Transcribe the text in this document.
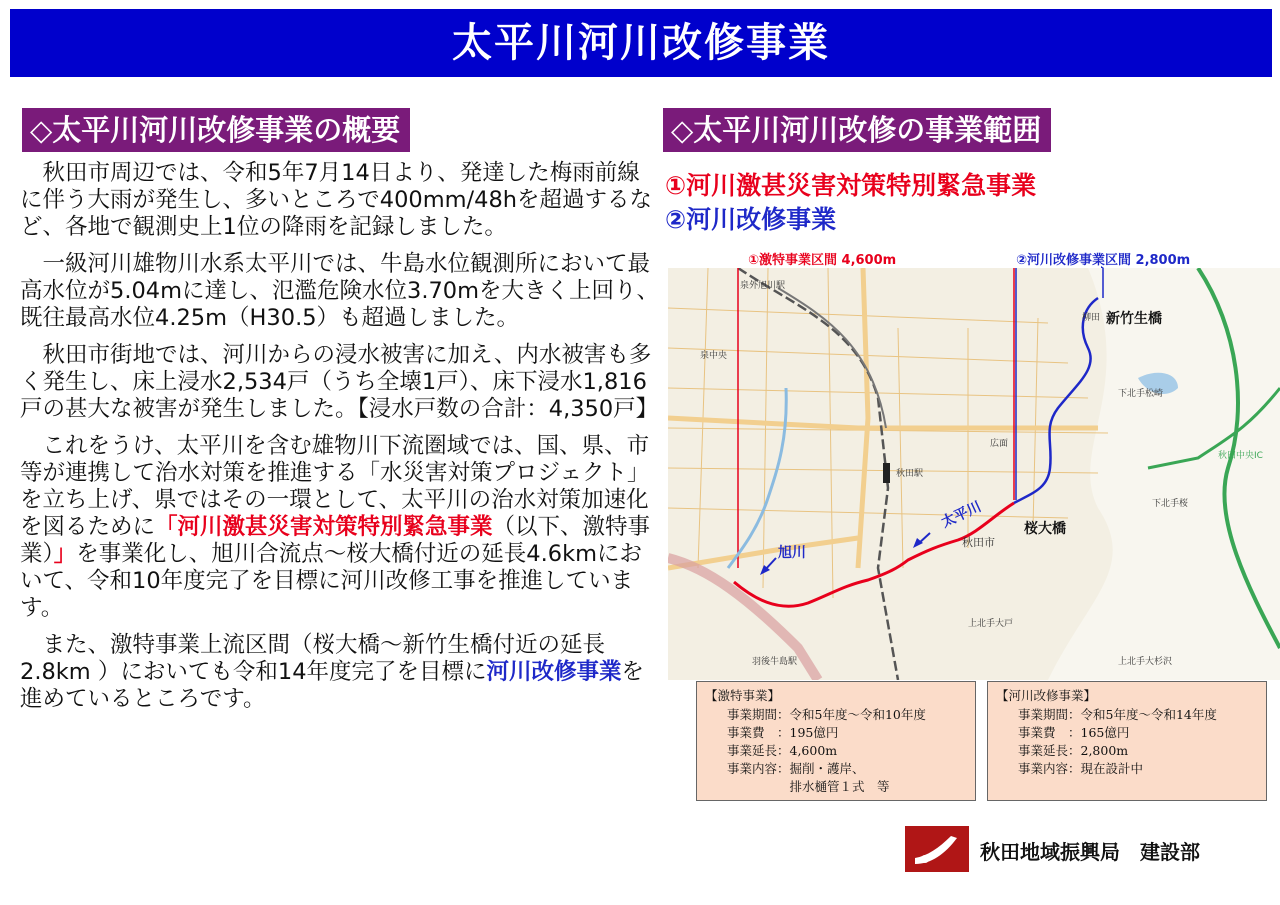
太平川河川改修事業
◇太平川河川改修事業の概要	◇太平川河川改修の事業範囲

秋田市周辺では、令和5年7月14日より、発達した梅雨前線に伴う大雨が発生し、多いところで400mm/48hを超過するなど、各地で観測史上1位の降雨を記録しました。

一級河川雄物川水系太平川では、牛島水位観測所において最高水位が5.04mに達し、氾濫危険水位3.70mを大きく上回り、既往最高水位4.25m（H30.5）も超過しました。

秋田市街地では、河川からの浸水被害に加え、内水被害も多く発生し、床上浸水2,534戸（うち全壊1戸）、床下浸水1,816戸の甚大な被害が発生しました。【浸水戸数の合計：4,350戸】

これをうけ、太平川を含む雄物川下流圏域では、国、県、市等が連携して治水対策を推進する「水災害対策プロジェクト」を立ち上げ、県ではその一環として、太平川の治水対策加速化を図るために「河川激甚災害対策特別緊急事業（以下、激特事業）」を事業化し、旭川合流点～桜大橋付近の延長4.6kmにおいて、令和10年度完了を目標に河川改修工事を推進しています。

また、激特事業上流区間（桜大橋～新竹生橋付近の延長2.8km ）においても令和14年度完了を目標に河川改修事業を進めているところです。

①河川激甚災害対策特別緊急事業
②河川改修事業
①激特事業区間 4,600m	②河川改修事業区間 2,800m
新竹生橋
桜大橋
旭川
太平川
秋田市
秋田駅
泉外旭川駅
羽後牛島駅
泉中央
広面
柳田
下北手松崎
下北手桜
上北手大戸
上北手大杉沢
秋田中央IC
【激特事業】
事業期間：令和5年度～令和10年度
事業費　：195億円
事業延長：4,600m
事業内容：掘削・護岸、
　　　　　排水樋管１式　等
【河川改修事業】
事業期間：令和5年度～令和14年度
事業費　：165億円
事業延長：2,800m
事業内容：現在設計中
秋田地域振興局　建設部
